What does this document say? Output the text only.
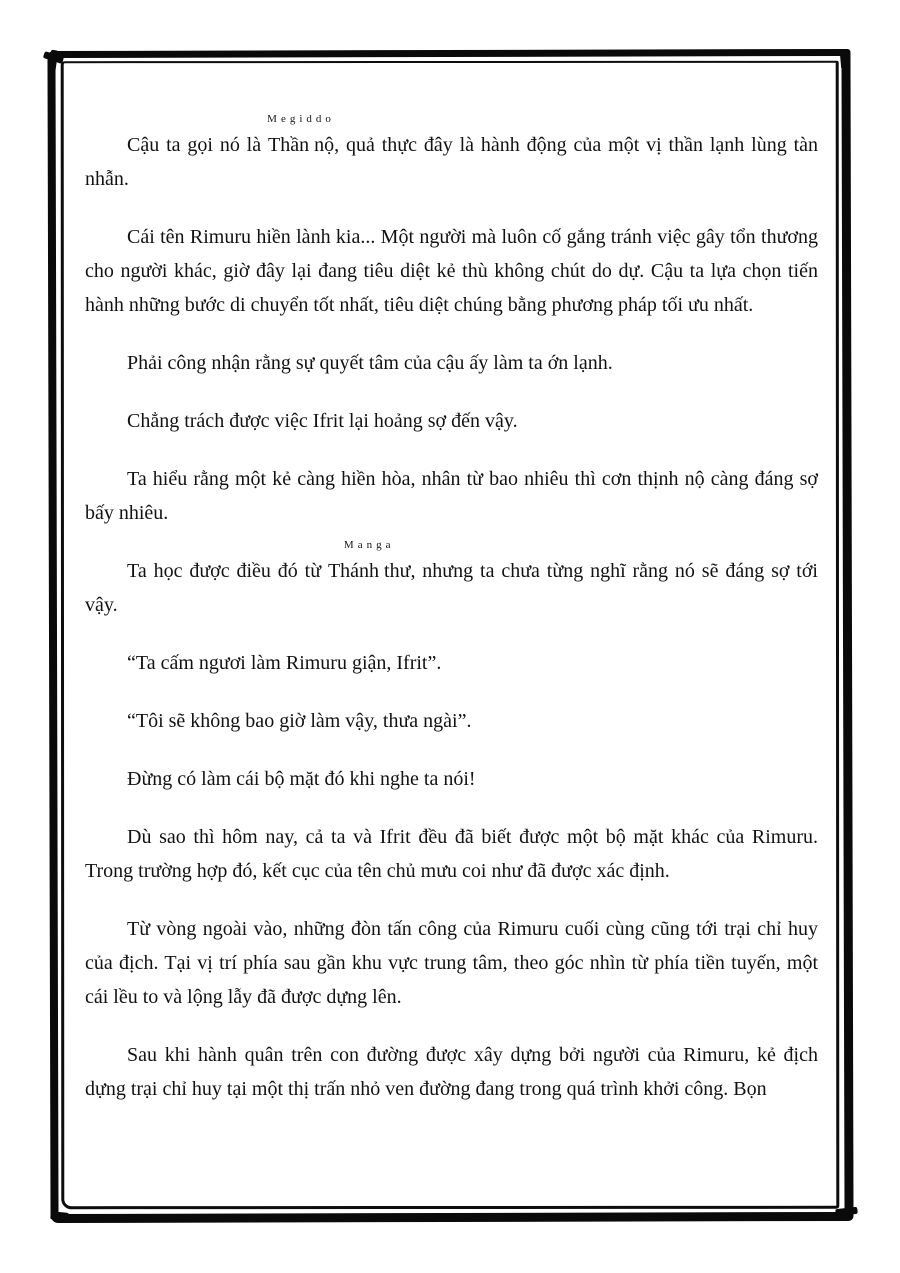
Cậu ta gọi nó là Thần nộ
Megiddo
, quả thực đây là hành động của một vị thần lạnh lùng tàn nhẫn.

Cái tên Rimuru hiền lành kia... Một người mà luôn cố gắng tránh việc gây tổn thương cho người khác, giờ đây lại đang tiêu diệt kẻ thù không chút do dự. Cậu ta lựa chọn tiến hành những bước di chuyển tốt nhất, tiêu diệt chúng bằng phương pháp tối ưu nhất.

Phải công nhận rằng sự quyết tâm của cậu ấy làm ta ớn lạnh.

Chẳng trách được việc Ifrit lại hoảng sợ đến vậy.

Ta hiểu rằng một kẻ càng hiền hòa, nhân từ bao nhiêu thì cơn thịnh nộ càng đáng sợ bấy nhiêu.

Ta học được điều đó từ Thánh thư
Manga
, nhưng ta chưa từng nghĩ rằng nó sẽ đáng sợ tới vậy.

“Ta cấm ngươi làm Rimuru giận, Ifrit”.

“Tôi sẽ không bao giờ làm vậy, thưa ngài”.

Đừng có làm cái bộ mặt đó khi nghe ta nói!

Dù sao thì hôm nay, cả ta và Ifrit đều đã biết được một bộ mặt khác của Rimuru. Trong trường hợp đó, kết cục của tên chủ mưu coi như đã được xác định.

Từ vòng ngoài vào, những đòn tấn công của Rimuru cuối cùng cũng tới trại chỉ huy của địch. Tại vị trí phía sau gần khu vực trung tâm, theo góc nhìn từ phía tiền tuyến, một cái lều to và lộng lẫy đã được dựng lên.

Sau khi hành quân trên con đường được xây dựng bởi người của Rimuru, kẻ địch dựng trại chỉ huy tại một thị trấn nhỏ ven đường đang trong quá trình khởi công. Bọn
